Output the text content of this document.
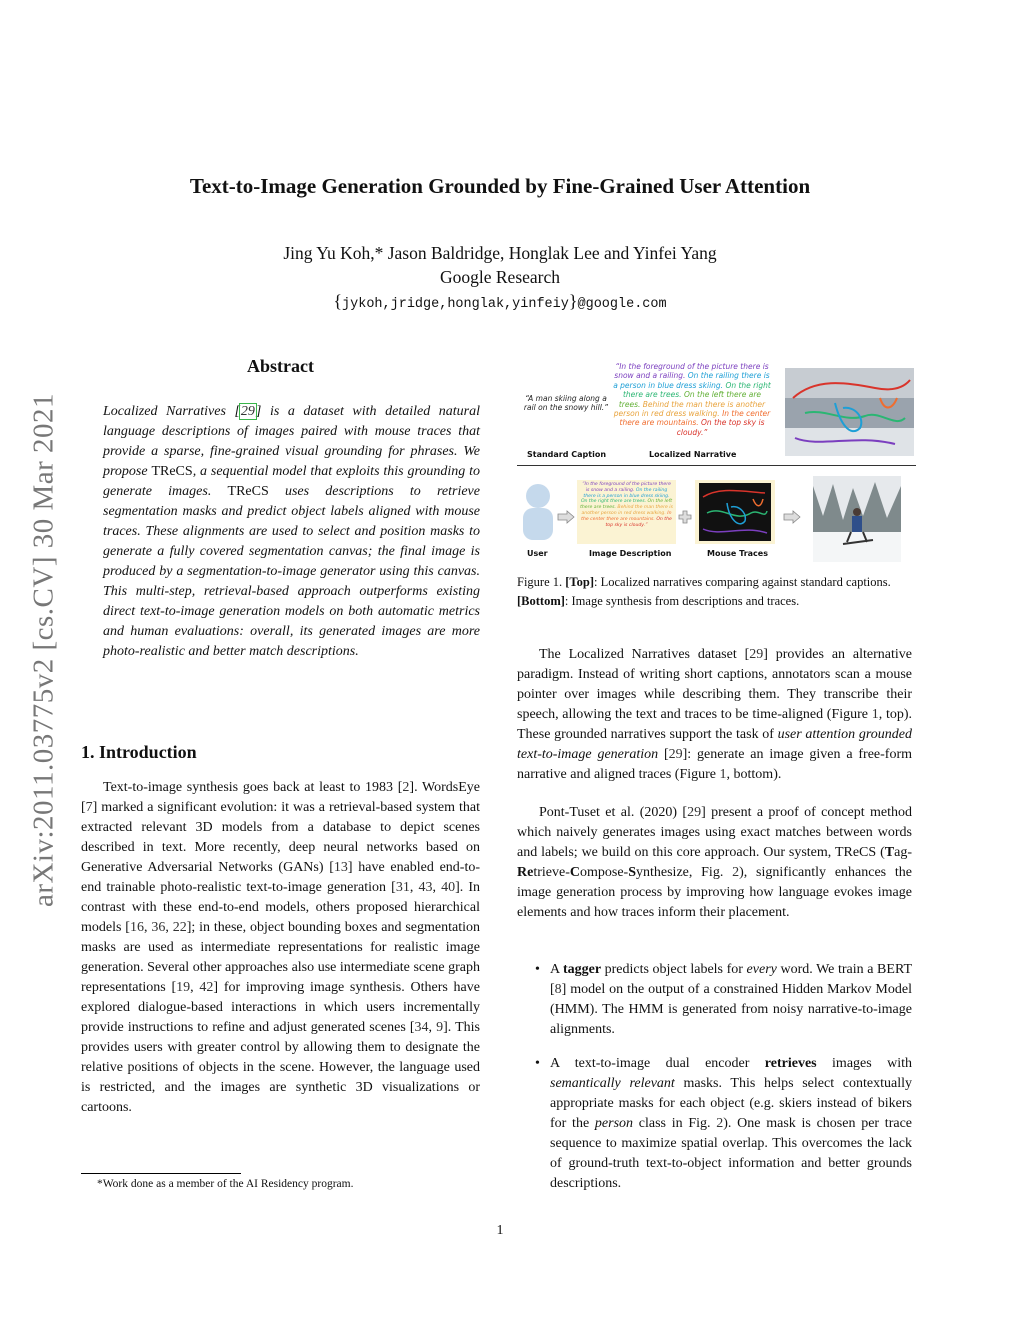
Text-to-Image Generation Grounded by Fine-Grained User Attention
Jing Yu Koh,* Jason Baldridge, Honglak Lee and Yinfei Yang
Google Research
{jykoh,jridge,honglak,yinfeiy}@google.com
arXiv:2011.03775v2 [cs.CV] 30 Mar 2021
Abstract
Localized Narratives [29] is a dataset with detailed natural language descriptions of images paired with mouse traces that provide a sparse, fine-grained visual grounding for phrases. We propose TReCS, a sequential model that exploits this grounding to generate images. TReCS uses descriptions to retrieve segmentation masks and predict object labels aligned with mouse traces. These alignments are used to select and position masks to generate a fully covered segmentation canvas; the final image is produced by a segmentation-to-image generator using this canvas. This multi-step, retrieval-based approach outperforms existing direct text-to-image generation models on both automatic metrics and human evaluations: overall, its generated images are more photo-realistic and better match descriptions.
1. Introduction
Text-to-image synthesis goes back at least to 1983 [2]. WordsEye [7] marked a significant evolution: it was a retrieval-based system that extracted relevant 3D models from a database to depict scenes described in text. More recently, deep neural networks based on Generative Adversarial Networks (GANs) [13] have enabled end-to-end trainable photo-realistic text-to-image generation [31, 43, 40]. In contrast with these end-to-end models, others proposed hierarchical models [16, 36, 22]; in these, object bounding boxes and segmentation masks are used as intermediate representations for realistic image generation. Several other approaches also use intermediate scene graph representations [19, 42] for improving image synthesis. Others have explored dialogue-based interactions in which users incrementally provide instructions to refine and adjust generated scenes [34, 9]. This provides users with greater control by allowing them to designate the relative positions of objects in the scene. However, the language used is restricted, and the images are synthetic 3D visualizations or cartoons.
*Work done as a member of the AI Residency program.
“A man skiing along a rail on the snowy hill.”
“In the foreground of the picture there is snow and a railing. On the railing there is a person in blue dress skiing. On the right there are trees. On the left there are trees. Behind the man there is another person in red dress walking. In the center there are mountains. On the top sky is cloudy.”
Standard Caption	Localized Narrative
User
“In the foreground of the picture there is snow and a railing. On the railing there is a person in blue dress skiing. On the right there are trees. On the left there are trees. Behind the man there is another person in red dress walking. In the center there are mountains. On the top sky is cloudy.”
Image Description	Mouse Traces
Figure 1. [Top]: Localized narratives comparing against standard captions. [Bottom]: Image synthesis from descriptions and traces.
The Localized Narratives dataset [29] provides an alternative paradigm. Instead of writing short captions, annotators scan a mouse pointer over images while describing them. They transcribe their speech, allowing the text and traces to be time-aligned (Figure 1, top). These grounded narratives support the task of user attention grounded text-to-image generation [29]: generate an image given a free-form narrative and aligned traces (Figure 1, bottom).
Pont-Tuset et al. (2020) [29] present a proof of concept method which naively generates images using exact matches between words and labels; we build on this core approach. Our system, TReCS (Tag-Retrieve-Compose-Synthesize, Fig. 2), significantly enhances the image generation process by improving how language evokes image elements and how traces inform their placement.
• A tagger predicts object labels for every word. We train a BERT [8] model on the output of a constrained Hidden Markov Model (HMM). The HMM is generated from noisy narrative-to-image alignments.
• A text-to-image dual encoder retrieves images with semantically relevant masks. This helps select contextually appropriate masks for each object (e.g. skiers instead of bikers for the person class in Fig. 2). One mask is chosen per trace sequence to maximize spatial overlap. This overcomes the lack of ground-truth text-to-object information and better grounds descriptions.
1
